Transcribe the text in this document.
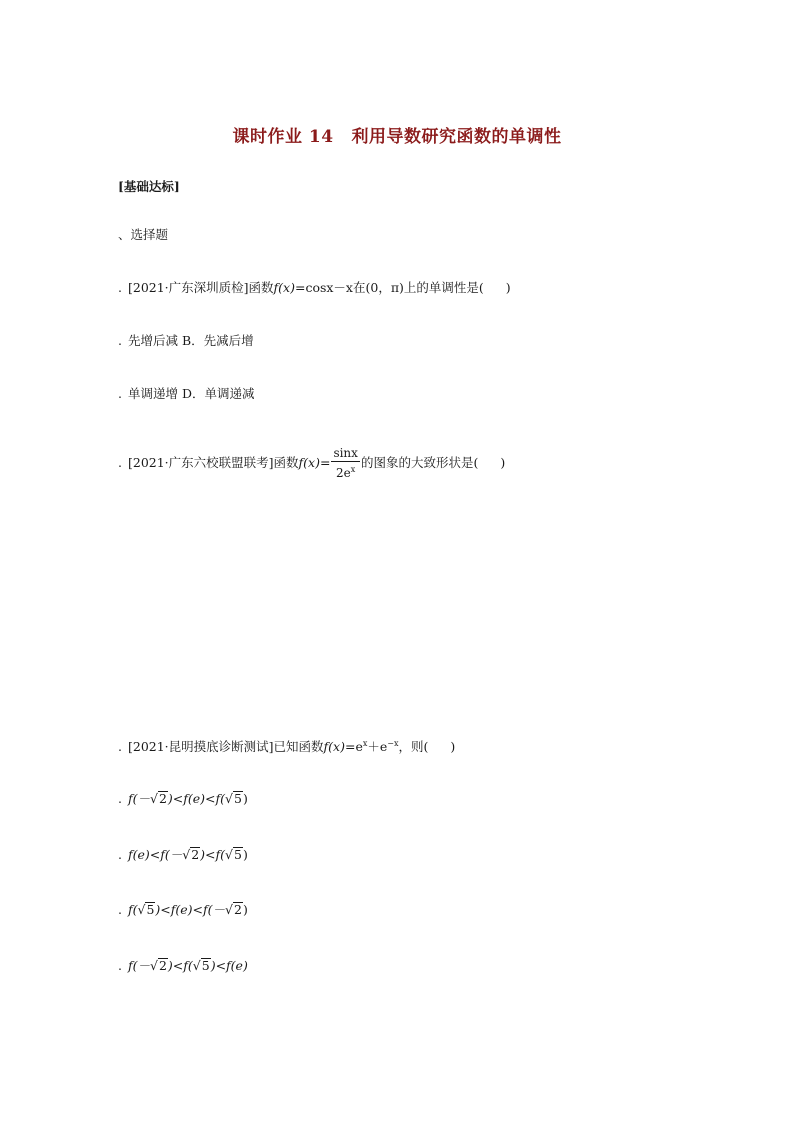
课时作业 14 利用导数研究函数的单调性
[基础达标]
、选择题
. [2021·广东深圳质检]函数f(x)=cosx－x在(0，π)上的单调性是( )
. 先增后减 B．先减后增
. 单调递增 D．单调递减
. [2021·广东六校联盟联考]函数$f(x)= \frac{\sin x}{2e^x}$ 的图象的大致形状是( )
. [2021·昆明摸底诊断测试]已知函数$f(x)=e^x+e^{-x}$，则( )
. f(－√2)<f(e)<f(√5)
. f(e)<f(－√2)<f(√5)
. f(√5)<f(e)<f(－√2)
. f(－√2)<f(√5)<f(e)
